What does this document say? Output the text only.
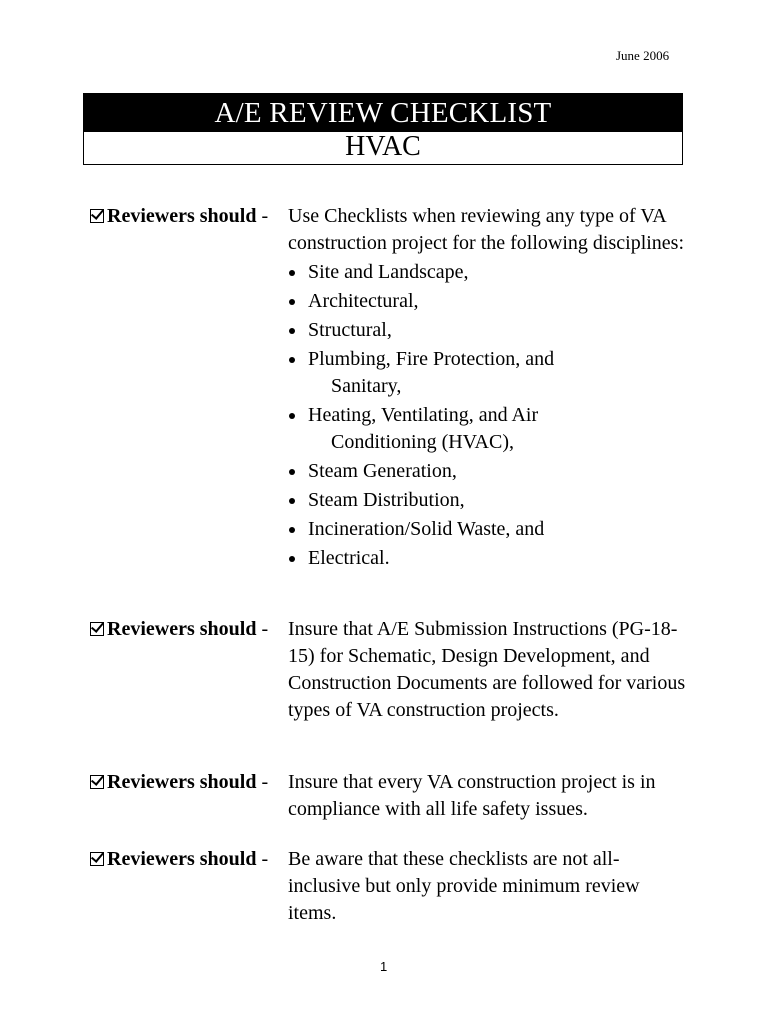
June 2006
A/E REVIEW CHECKLIST
HVAC
Reviewers should - Use Checklists when reviewing any type of VA construction project for the following disciplines:
Site and Landscape,
Architectural,
Structural,
Plumbing, Fire Protection, and
Sanitary,
Heating, Ventilating, and Air
Conditioning (HVAC),
Steam Generation,
Steam Distribution,
Incineration/Solid Waste, and
Electrical.
Reviewers should - Insure that A/E Submission Instructions (PG-18-15) for Schematic, Design Development, and Construction Documents are followed for various types of VA construction projects.
Reviewers should - Insure that every VA construction project is in compliance with all life safety issues.
Reviewers should - Be aware that these checklists are not all-inclusive but only provide minimum review items.
1
